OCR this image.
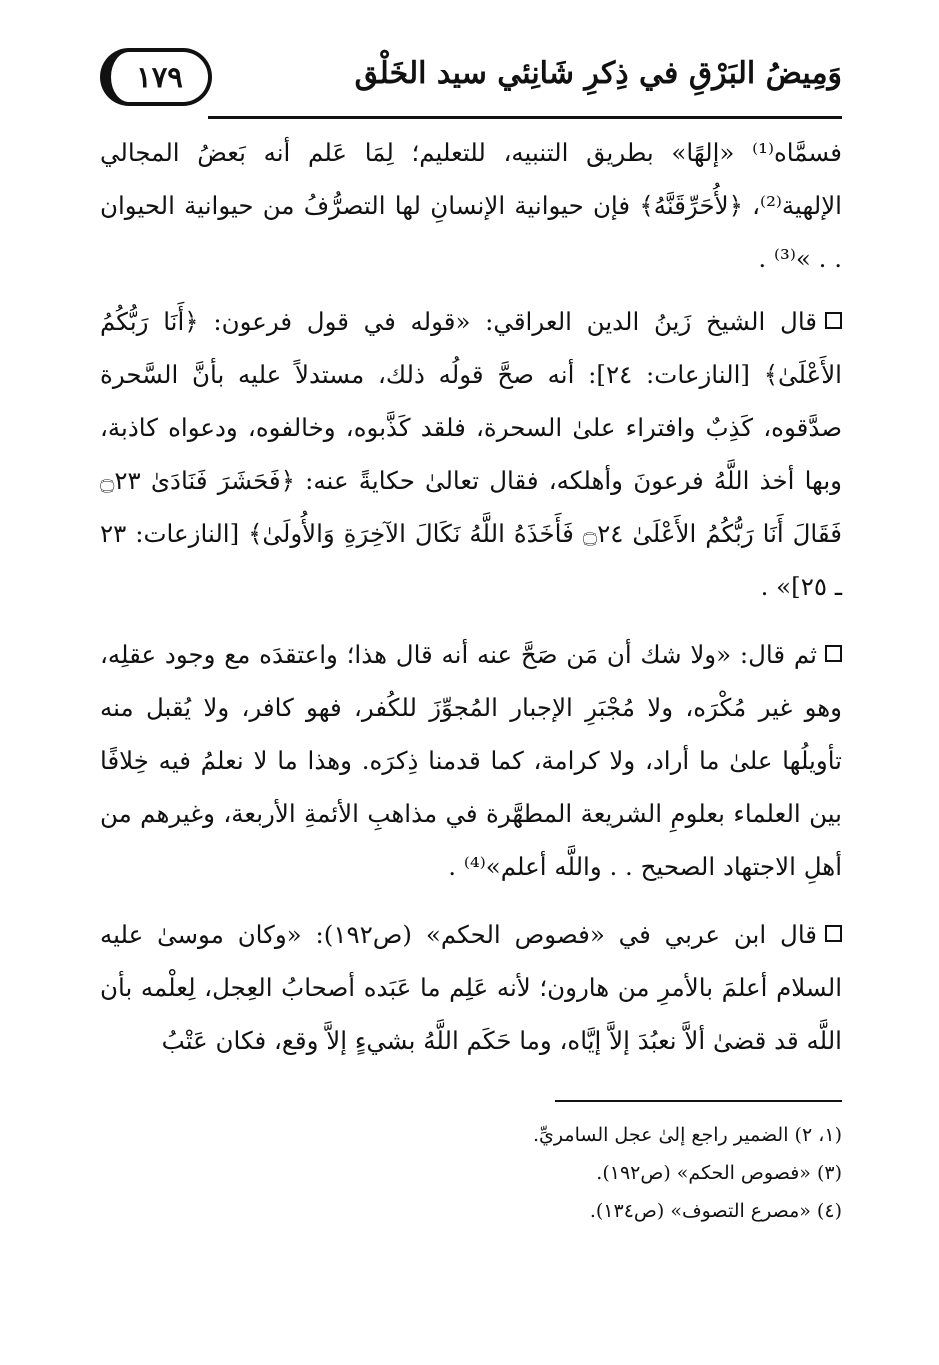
١٧٩	وَمِيضُ البَرْقِ في ذِكرِ شَانِئي سيد الخَلْق

فسمَّاه⁽¹⁾ «إلهًا» بطريق التنبيه، للتعليم؛ لِمَا عَلم أنه بَعضُ المجالي الإلهية⁽²⁾، ﴿لأُحَرِّقَنَّهُ﴾ فإن حيوانية الإنسانِ لها التصرُّفُ من حيوانية الحيوان . . »⁽³⁾ .

قال الشيخ زَينُ الدين العراقي: «قوله في قول فرعون: ﴿أَنَا رَبُّكُمُ الأَعْلَىٰ﴾ [النازعات: ٢٤]: أنه صحَّ قولُه ذلك، مستدلاً عليه بأنَّ السَّحرة صدَّقوه، كَذِبٌ وافتراء علىٰ السحرة، فلقد كَذَّبوه، وخالفوه، ودعواه كاذبة، وبها أخذ اللَّهُ فرعونَ وأهلكه، فقال تعالىٰ حكايةً عنه: ﴿فَحَشَرَ فَنَادَىٰ ۝٢٣ فَقَالَ أَنَا رَبُّكُمُ الأَعْلَىٰ ۝٢٤ فَأَخَذَهُ اللَّهُ نَكَالَ الآخِرَةِ وَالأُولَىٰ﴾ [النازعات: ٢٣ ـ ٢٥]» .

ثم قال: «ولا شك أن مَن صَحَّ عنه أنه قال هذا؛ واعتقدَه مع وجود عقلِه، وهو غير مُكْرَه، ولا مُجْبَرِ الإجبار المُجوِّزَ للكُفر، فهو كافر، ولا يُقبل منه تأويلُها علىٰ ما أراد، ولا كرامة، كما قدمنا ذِكرَه. وهذا ما لا نعلمُ فيه خِلافًا بين العلماء بعلومِ الشريعة المطهَّرة في مذاهبِ الأئمةِ الأربعة، وغيرهم من أهلِ الاجتهاد الصحيح . . واللَّه أعلم»⁽⁴⁾ .

قال ابن عربي في «فصوص الحكم» (ص١٩٢): «وكان موسىٰ عليه السلام أعلمَ بالأمرِ من هارون؛ لأنه عَلِم ما عَبَده أصحابُ العِجل، لِعلْمه بأن اللَّه قد قضىٰ ألاَّ نعبُدَ إلاَّ إيَّاه، وما حَكَم اللَّهُ بشيءٍ إلاَّ وقع، فكان عَتْبُ

(١، ٢) الضمير راجع إلىٰ عجل السامريِّ.

(٣) «فصوص الحكم» (ص١٩٢).

(٤) «مصرع التصوف» (ص١٣٤).
